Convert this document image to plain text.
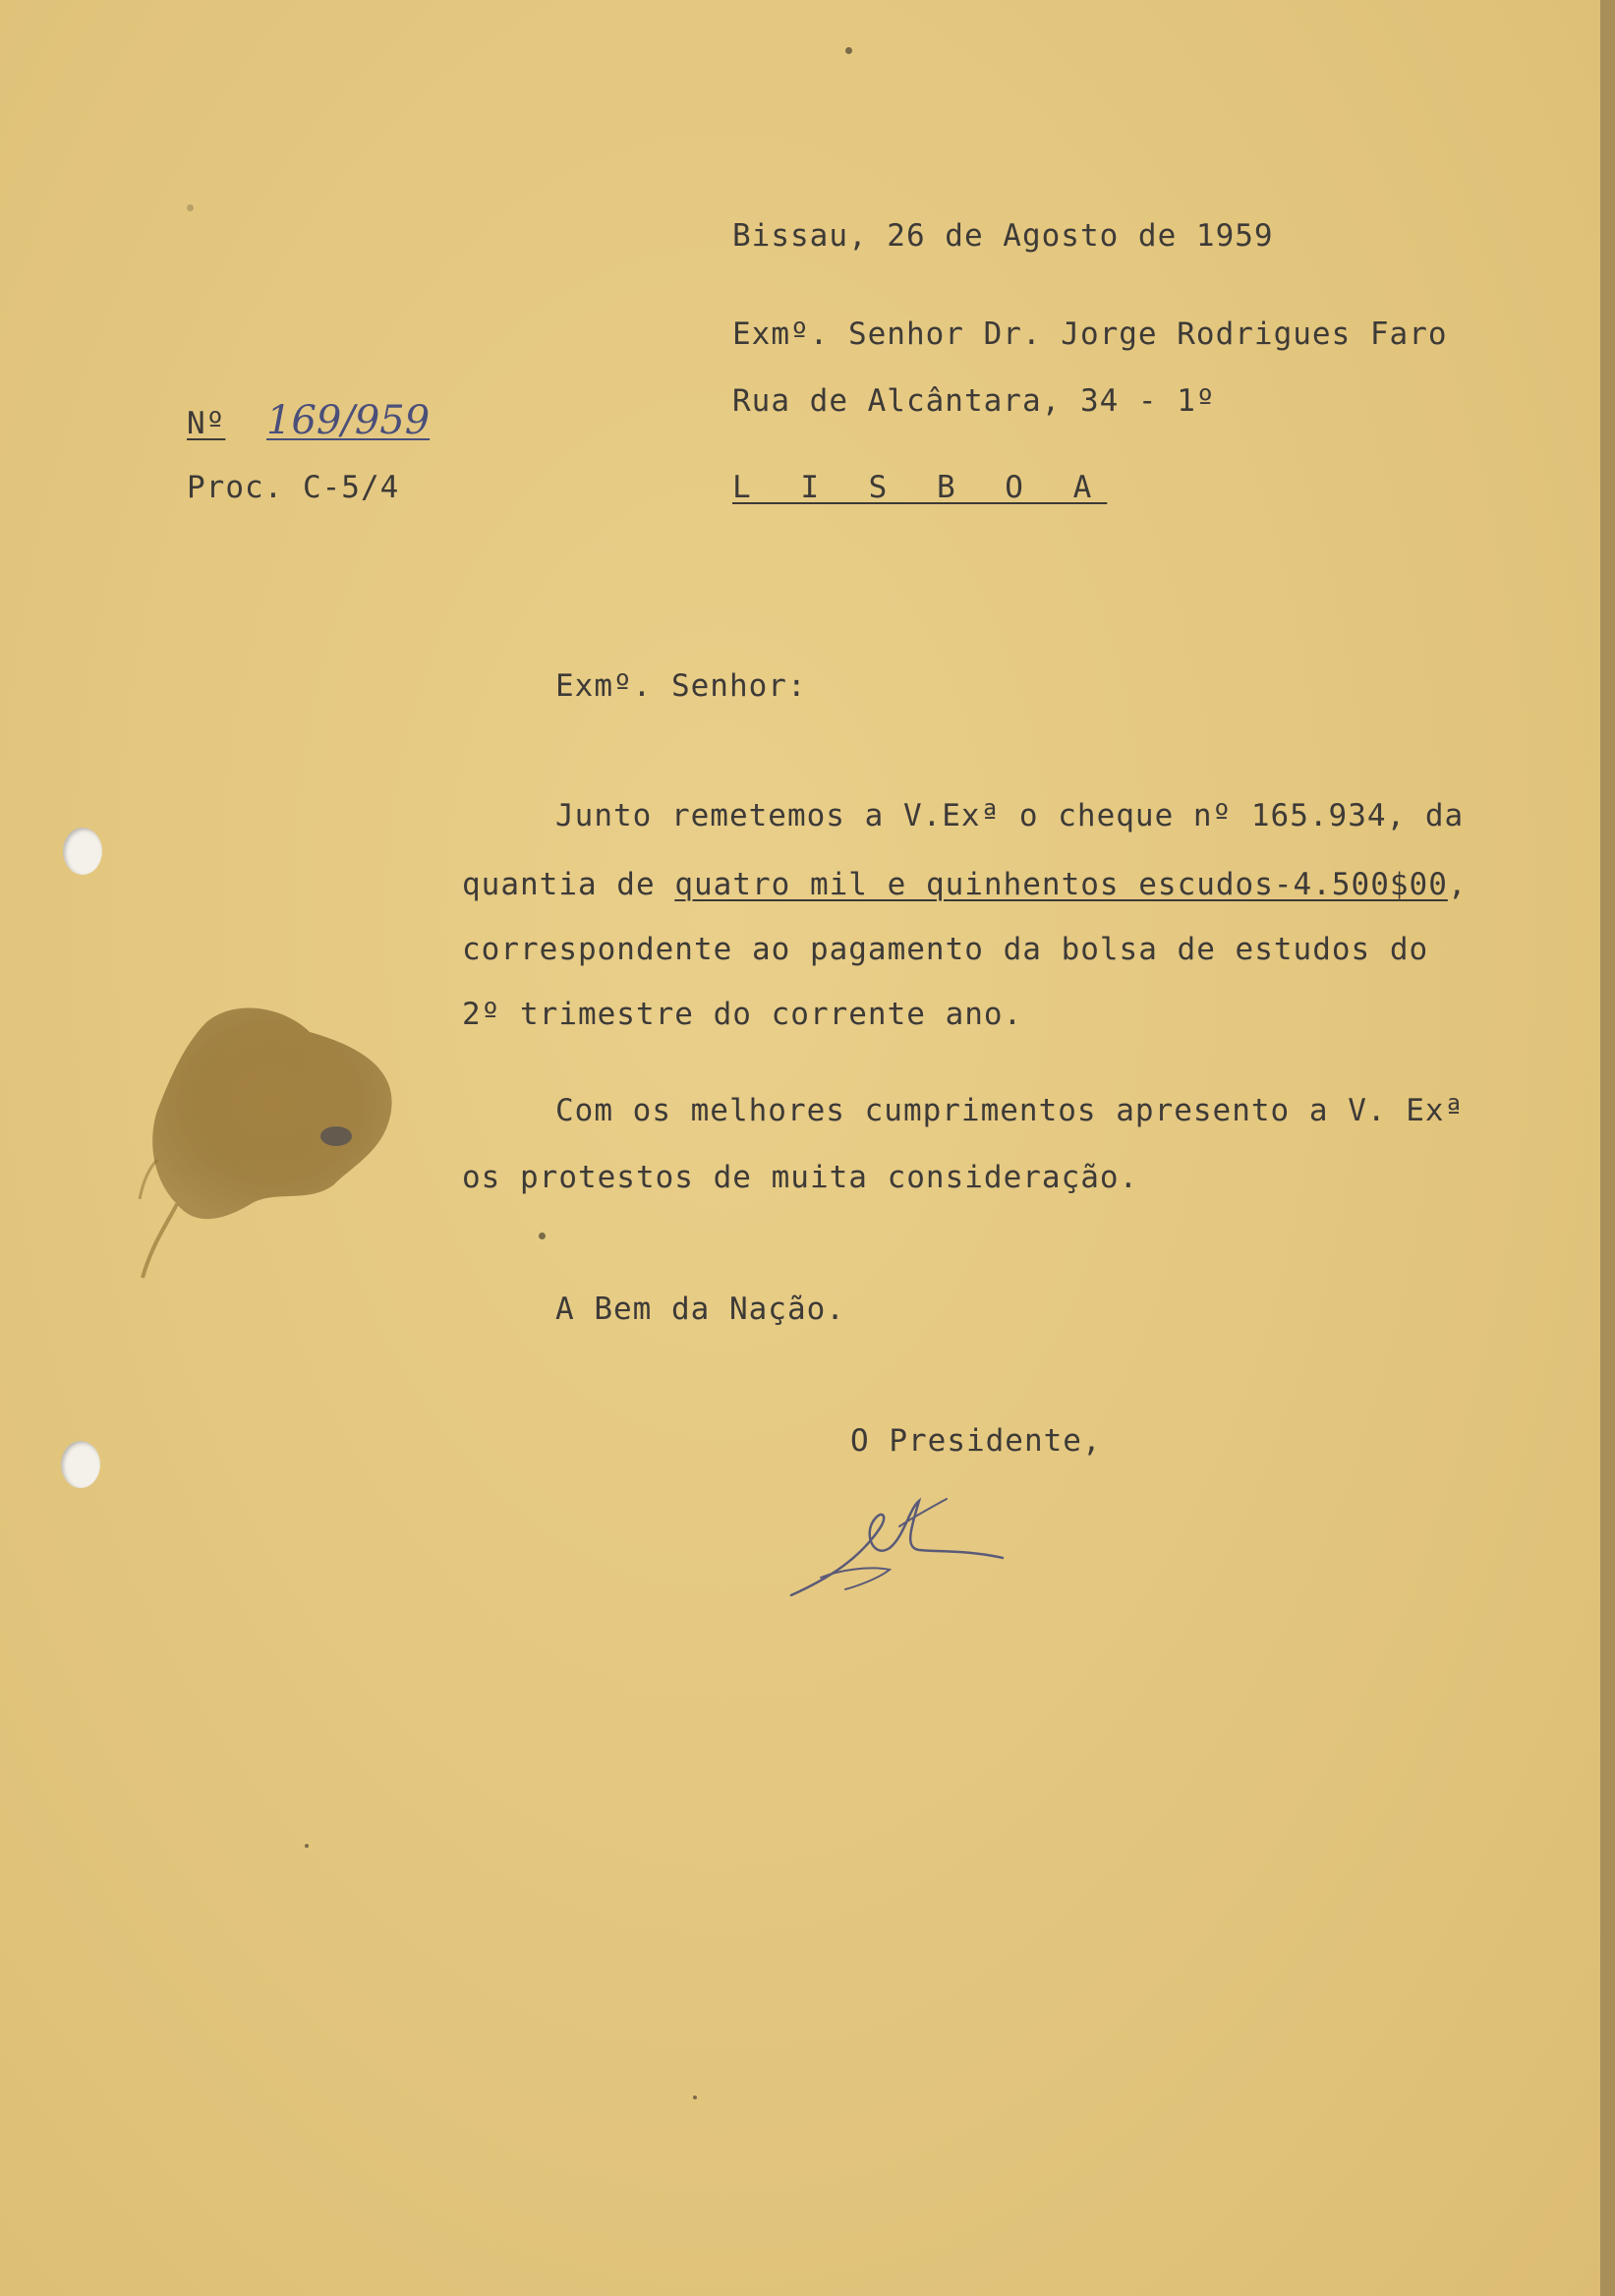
Bissau, 26 de Agosto de 1959
Exmº. Senhor Dr. Jorge Rodrigues Faro
Rua de Alcântara, 34 - 1º
L I S B O A
Nº 169/959
Proc. C-5/4
Exmº. Senhor:
Junto remetemos a V.Exª o cheque nº 165.934, da
quantia de quatro mil e quinhentos escudos-4.500$00,
correspondente ao pagamento da bolsa de estudos do
2º trimestre do corrente ano.
Com os melhores cumprimentos apresento a V. Exª
os protestos de muita consideração.
A Bem da Nação.
O Presidente,
